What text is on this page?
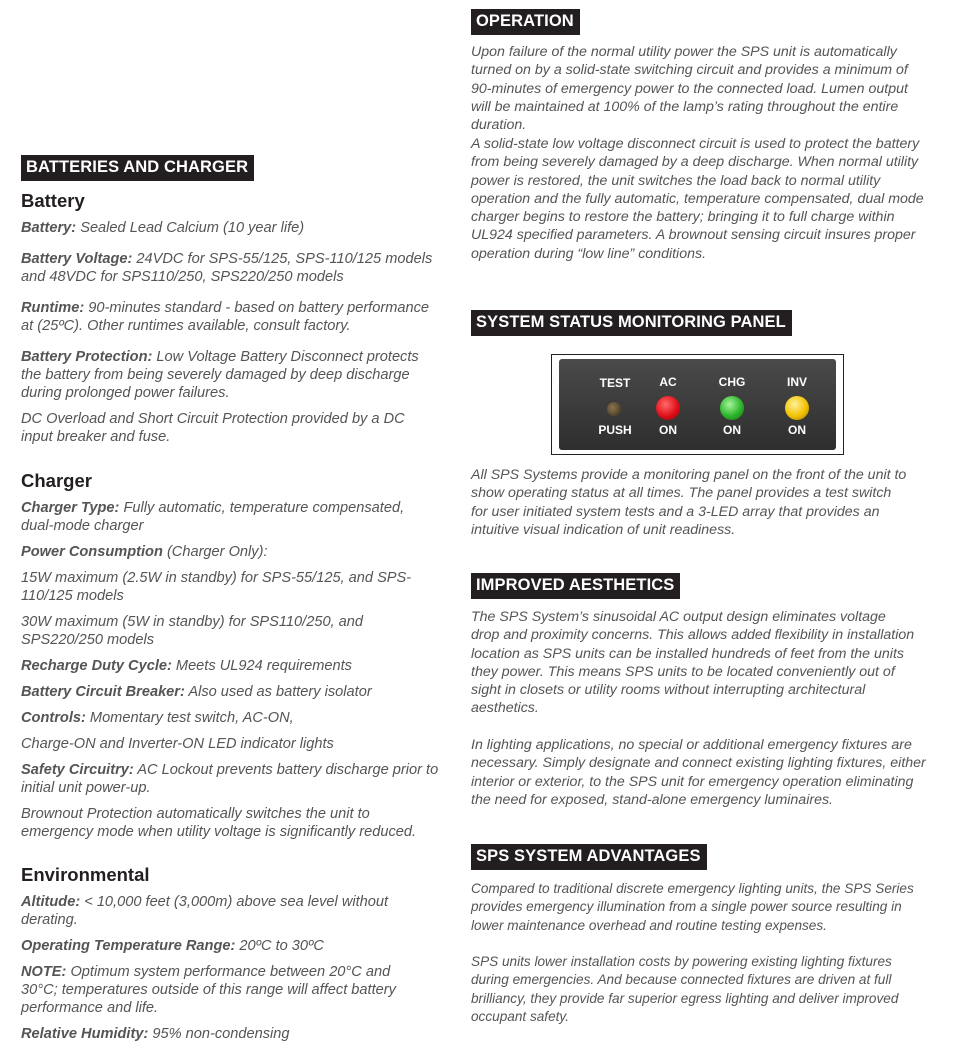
BATTERIES AND CHARGER
Battery
Battery: Sealed Lead Calcium (10 year life)
Battery Voltage: 24VDC for SPS-55/125, SPS-110/125 models and 48VDC for SPS110/250, SPS220/250 models
Runtime: 90-minutes standard - based on battery performance at (25ºC). Other runtimes available, consult factory.
Battery Protection: Low Voltage Battery Disconnect protects the battery from being severely damaged by deep discharge during prolonged power failures.
DC Overload and Short Circuit Protection provided by a DC input breaker and fuse.
Charger
Charger Type: Fully automatic, temperature compensated, dual-mode charger
Power Consumption (Charger Only):
15W maximum (2.5W in standby) for SPS-55/125, and SPS-110/125 models
30W maximum (5W in standby) for SPS110/250, and SPS220/250 models
Recharge Duty Cycle: Meets UL924 requirements
Battery Circuit Breaker: Also used as battery isolator
Controls: Momentary test switch, AC-ON,
Charge-ON and Inverter-ON LED indicator lights
Safety Circuitry: AC Lockout prevents battery discharge prior to initial unit power-up.
Brownout Protection automatically switches the unit to emergency mode when utility voltage is significantly reduced.
Environmental
Altitude: < 10,000 feet (3,000m) above sea level without derating.
Operating Temperature Range: 20ºC to 30ºC
NOTE: Optimum system performance between 20°C and 30°C; temperatures outside of this range will affect battery performance and life.
Relative Humidity: 95% non-condensing
OPERATION
Upon failure of the normal utility power the SPS unit is automatically turned on by a solid-state switching circuit and provides a minimum of 90-minutes of emergency power to the connected load. Lumen output will be maintained at 100% of the lamp’s rating throughout the entire duration.
A solid-state low voltage disconnect circuit is used to protect the battery from being severely damaged by a deep discharge. When normal utility power is restored, the unit switches the load back to normal utility operation and the fully automatic, temperature compensated, dual mode charger begins to restore the battery; bringing it to full charge within UL924 specified parameters. A brownout sensing circuit insures proper operation during “low line” conditions.
SYSTEM STATUS MONITORING PANEL
TEST	AC	CHG	INV
PUSH	ON	ON	ON
All SPS Systems provide a monitoring panel on the front of the unit to show operating status at all times. The panel provides a test switch for user initiated system tests and a 3-LED array that provides an intuitive visual indication of unit readiness.
IMPROVED AESTHETICS
The SPS System’s sinusoidal AC output design eliminates voltage drop and proximity concerns. This allows added flexibility in installation location as SPS units can be installed hundreds of feet from the units they power. This means SPS units to be located conveniently out of sight in closets or utility rooms without interrupting architectural aesthetics.
In lighting applications, no special or additional emergency fixtures are necessary. Simply designate and connect existing lighting fixtures, either interior or exterior, to the SPS unit for emergency operation eliminating the need for exposed, stand-alone emergency luminaires.
SPS SYSTEM ADVANTAGES
Compared to traditional discrete emergency lighting units, the SPS Series provides emergency illumination from a single power source resulting in lower maintenance overhead and routine testing expenses.
SPS units lower installation costs by powering existing lighting fixtures during emergencies. And because connected fixtures are driven at full brilliancy, they provide far superior egress lighting and deliver improved occupant safety.
